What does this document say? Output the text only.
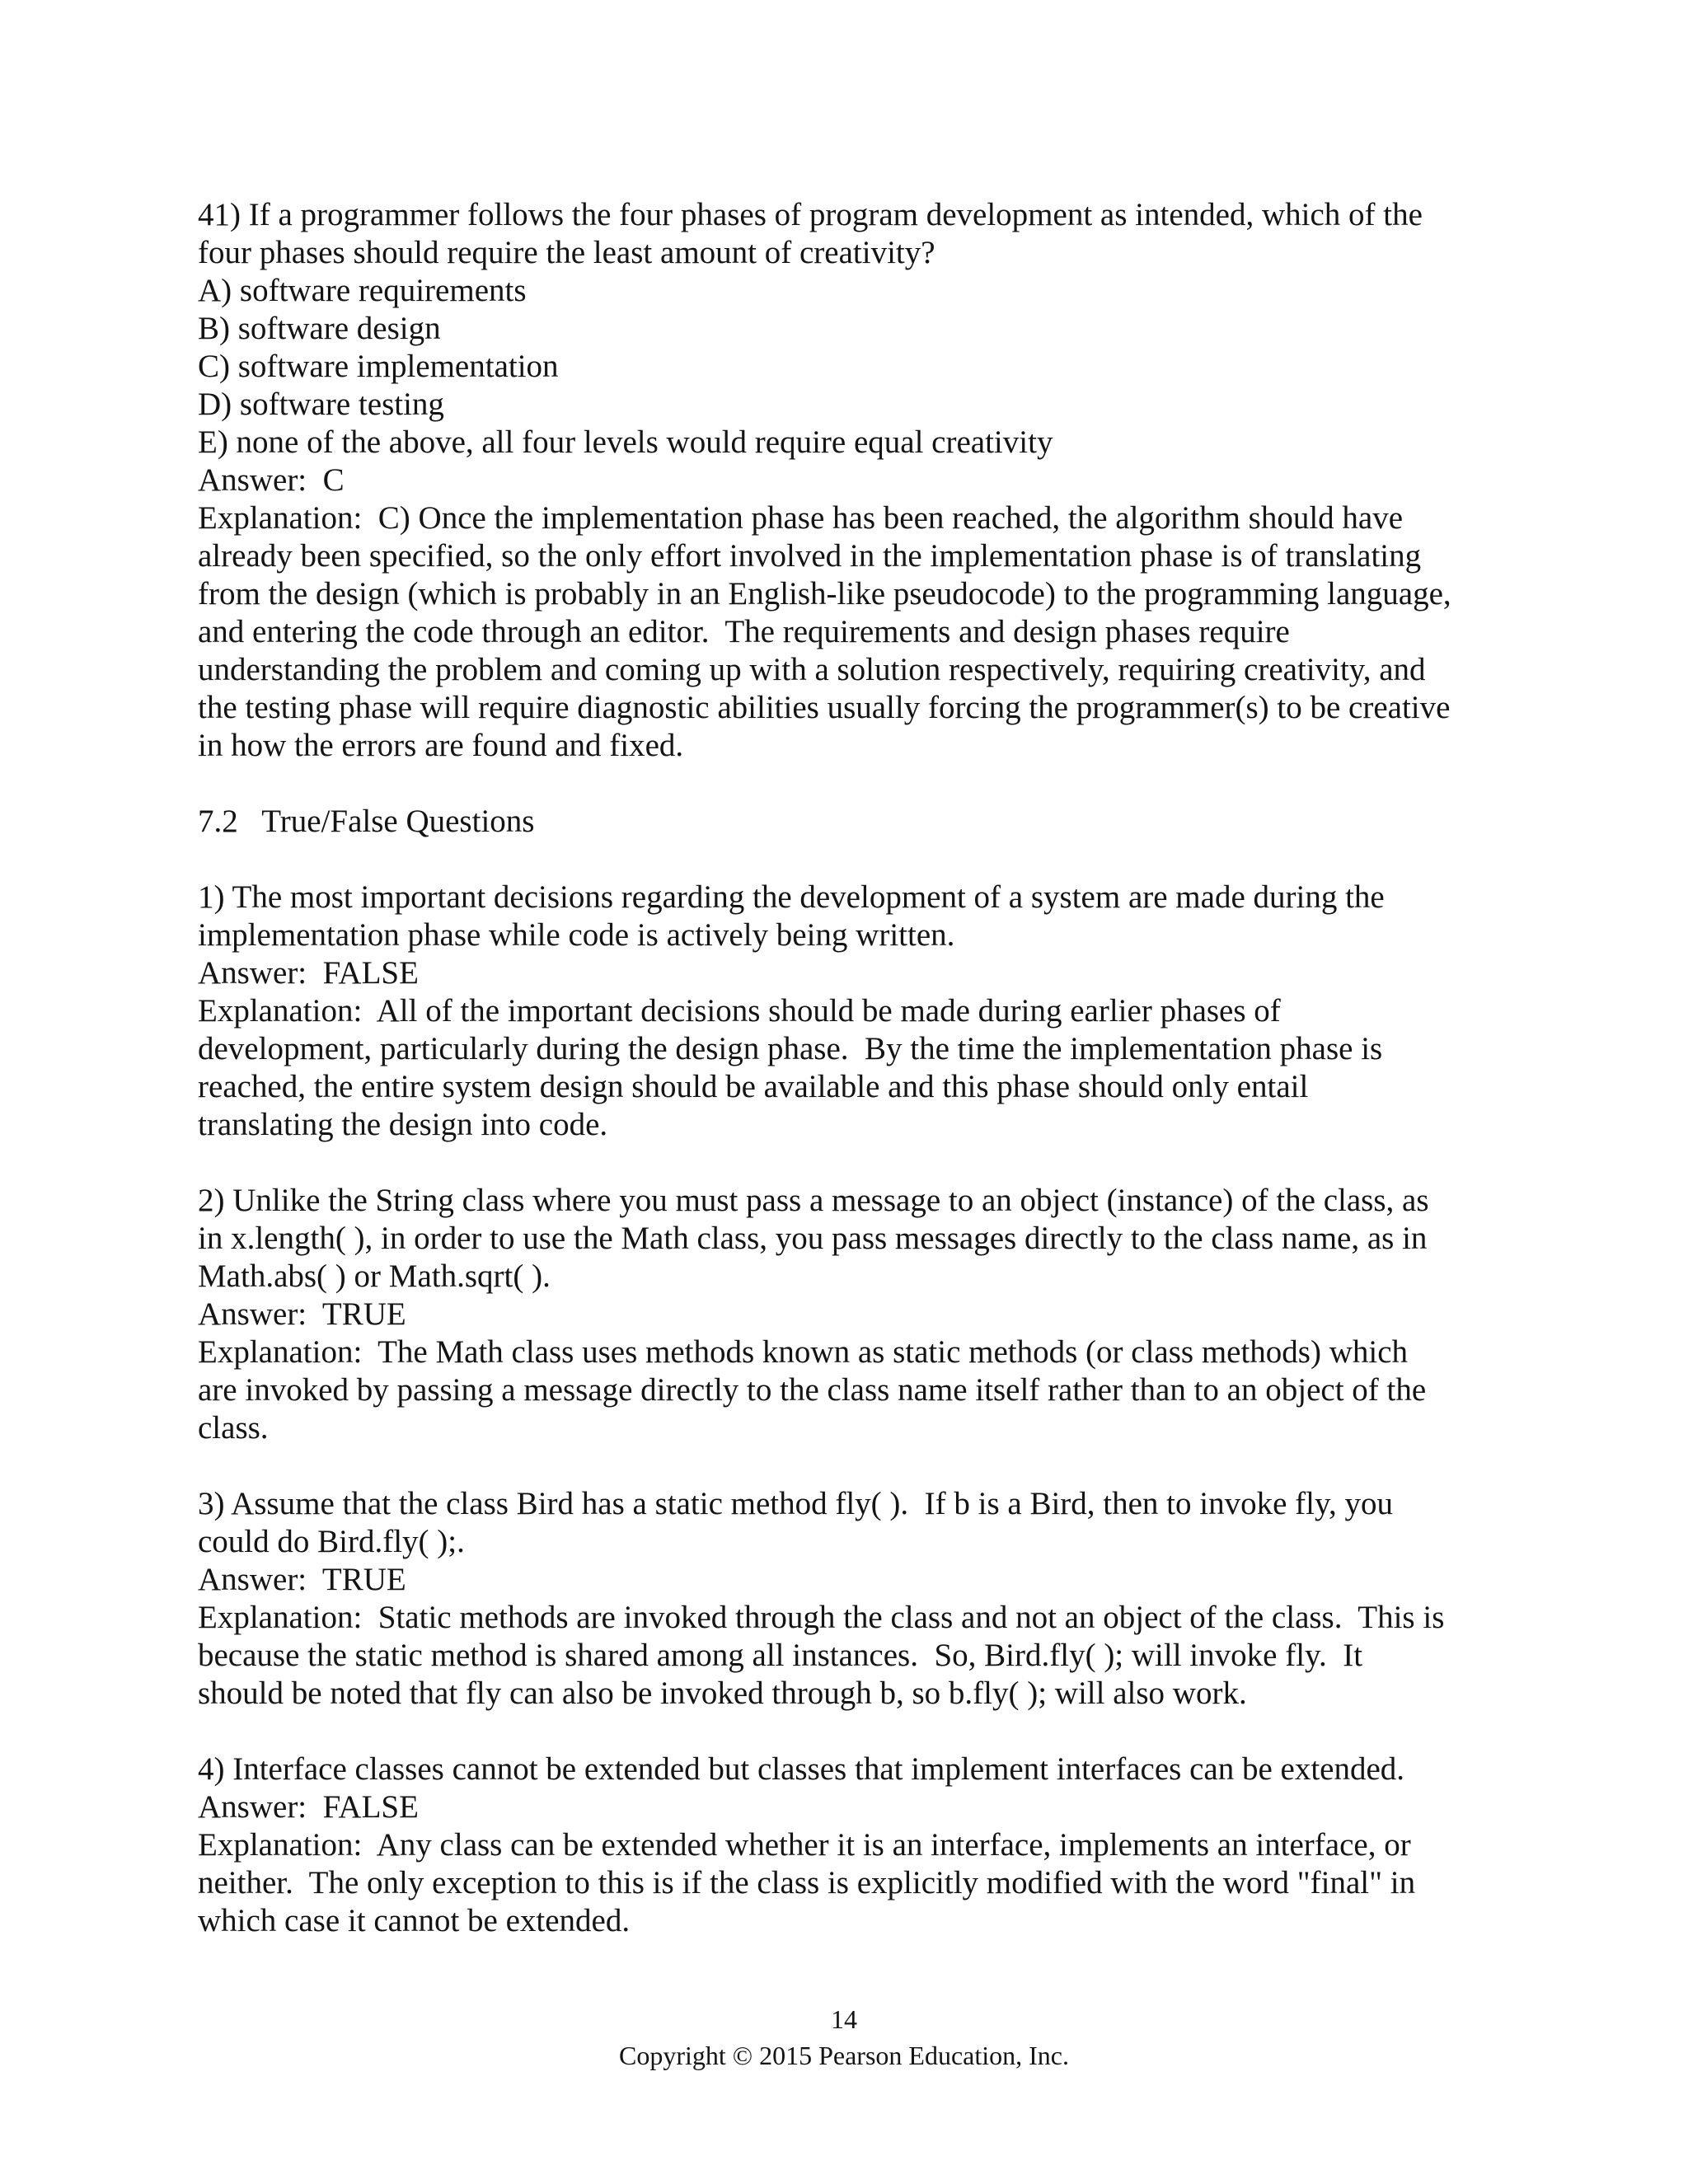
41) If a programmer follows the four phases of program development as intended, which of the

four phases should require the least amount of creativity?

A) software requirements

B) software design

C) software implementation

D) software testing

E) none of the above, all four levels would require equal creativity

Answer:  C

Explanation:  C) Once the implementation phase has been reached, the algorithm should have

already been specified, so the only effort involved in the implementation phase is of translating

from the design (which is probably in an English-like pseudocode) to the programming language,

and entering the code through an editor.  The requirements and design phases require

understanding the problem and coming up with a solution respectively, requiring creativity, and

the testing phase will require diagnostic abilities usually forcing the programmer(s) to be creative

in how the errors are found and fixed.

7.2   True/False Questions

1) The most important decisions regarding the development of a system are made during the

implementation phase while code is actively being written.

Answer:  FALSE

Explanation:  All of the important decisions should be made during earlier phases of

development, particularly during the design phase.  By the time the implementation phase is

reached, the entire system design should be available and this phase should only entail

translating the design into code.

2) Unlike the String class where you must pass a message to an object (instance) of the class, as

in x.length( ), in order to use the Math class, you pass messages directly to the class name, as in

Math.abs( ) or Math.sqrt( ).

Answer:  TRUE

Explanation:  The Math class uses methods known as static methods (or class methods) which

are invoked by passing a message directly to the class name itself rather than to an object of the

class.

3) Assume that the class Bird has a static method fly( ).  If b is a Bird, then to invoke fly, you

could do Bird.fly( );.

Answer:  TRUE

Explanation:  Static methods are invoked through the class and not an object of the class.  This is

because the static method is shared among all instances.  So, Bird.fly( ); will invoke fly.  It

should be noted that fly can also be invoked through b, so b.fly( ); will also work.

4) Interface classes cannot be extended but classes that implement interfaces can be extended.

Answer:  FALSE

Explanation:  Any class can be extended whether it is an interface, implements an interface, or

neither.  The only exception to this is if the class is explicitly modified with the word "final" in

which case it cannot be extended.

14
Copyright © 2015 Pearson Education, Inc.
